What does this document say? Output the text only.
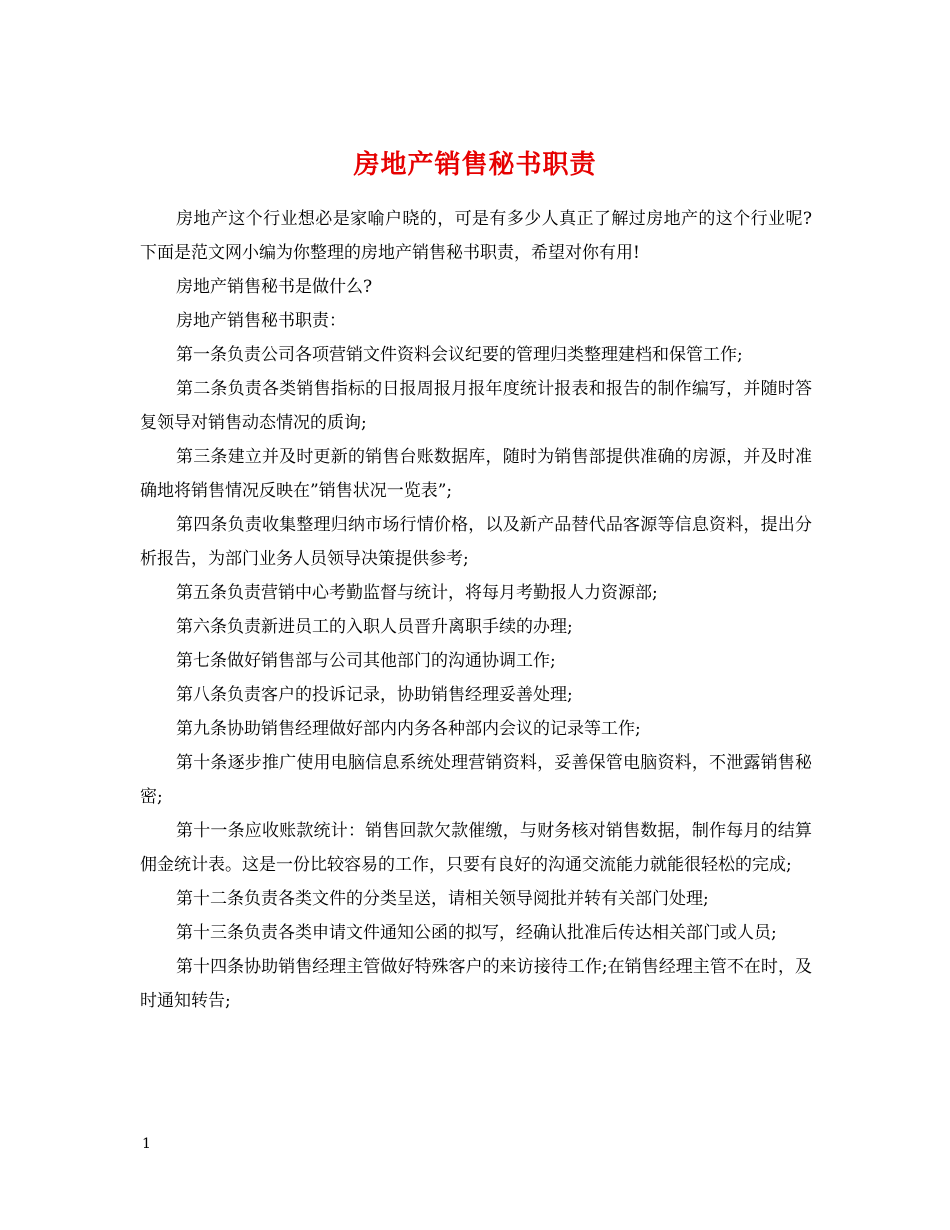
房地产销售秘书职责

房地产这个行业想必是家喻户晓的，可是有多少人真正了解过房地产的这个行业呢?下面是范文网小编为你整理的房地产销售秘书职责，希望对你有用!

房地产销售秘书是做什么?

房地产销售秘书职责：

第一条负责公司各项营销文件资料会议纪要的管理归类整理建档和保管工作;

第二条负责各类销售指标的日报周报月报年度统计报表和报告的制作编写，并随时答复领导对销售动态情况的质询;

第三条建立并及时更新的销售台账数据库，随时为销售部提供准确的房源，并及时准确地将销售情况反映在”销售状况一览表”;

第四条负责收集整理归纳市场行情价格，以及新产品替代品客源等信息资料，提出分析报告，为部门业务人员领导决策提供参考;

第五条负责营销中心考勤监督与统计，将每月考勤报人力资源部;

第六条负责新进员工的入职人员晋升离职手续的办理;

第七条做好销售部与公司其他部门的沟通协调工作;

第八条负责客户的投诉记录，协助销售经理妥善处理;

第九条协助销售经理做好部内内务各种部内会议的记录等工作;

第十条逐步推广使用电脑信息系统处理营销资料，妥善保管电脑资料，不泄露销售秘密;

第十一条应收账款统计：销售回款欠款催缴，与财务核对销售数据，制作每月的结算佣金统计表。这是一份比较容易的工作，只要有良好的沟通交流能力就能很轻松的完成;

第十二条负责各类文件的分类呈送，请相关领导阅批并转有关部门处理;

第十三条负责各类申请文件通知公函的拟写，经确认批准后传达相关部门或人员;

第十四条协助销售经理主管做好特殊客户的来访接待工作;在销售经理主管不在时，及时通知转告;

1
